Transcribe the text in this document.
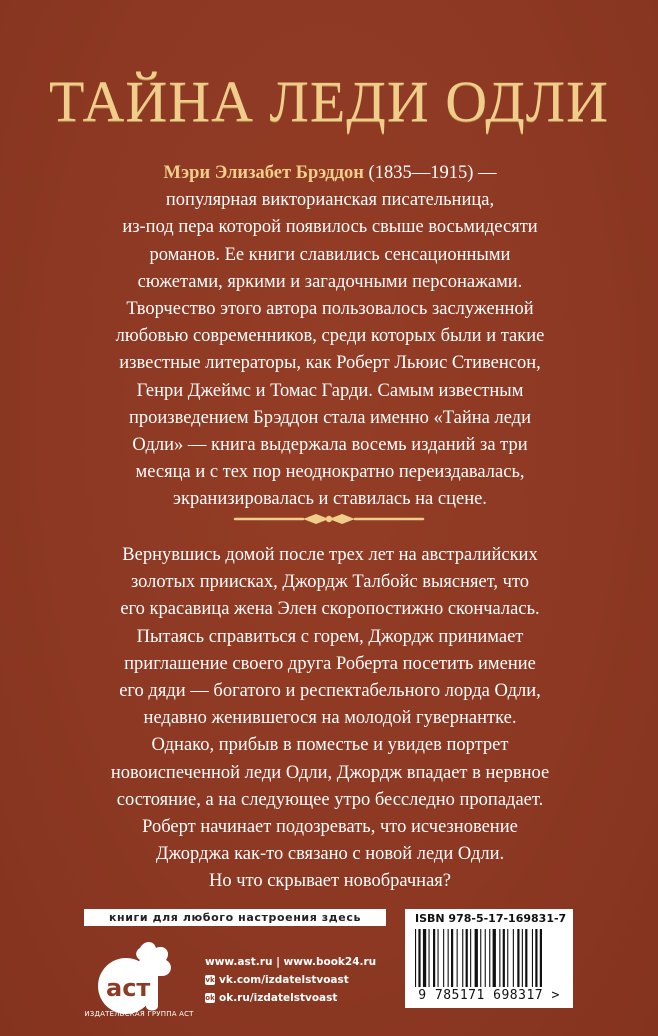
ТАЙНА ЛЕДИ ОДЛИ
Мэри Элизабет Брэддон (1835—1915) —
популярная викторианская писательница,
из-под пера которой появилось свыше восьмидесяти
романов. Ее книги славились сенсационными
сюжетами, яркими и загадочными персонажами.
Творчество этого автора пользовалось заслуженной
любовью современников, среди которых были и такие
известные литераторы, как Роберт Льюис Стивенсон,
Генри Джеймс и Томас Гарди. Самым известным
произведением Брэддон стала именно «Тайна леди
Одли» — книга выдержала восемь изданий за три
месяца и с тех пор неоднократно переиздавалась,
экранизировалась и ставилась на сцене.
Вернувшись домой после трех лет на австралийских
золотых приисках, Джордж Талбойс выясняет, что
его красавица жена Элен скоропостижно скончалась.
Пытаясь справиться с горем, Джордж принимает
приглашение своего друга Роберта посетить имение
его дяди — богатого и респектабельного лорда Одли,
недавно женившегося на молодой гувернантке.
Однако, прибыв в поместье и увидев портрет
новоиспеченной леди Одли, Джордж впадает в нервное
состояние, а на следующее утро бесследно пропадает.
Роберт начинает подозревать, что исчезновение
Джорджа как-то связано с новой леди Одли.
Но что скрывает новобрачная?
книги для любого настроения здесь
аст
ИЗДАТЕЛЬСКАЯ ГРУППА АСТ
www.ast.ru | www.book24.ru
vk vk.com/izdatelstvoast
ok ok.ru/izdatelstvoast
ISBN 978-5-17-169831-7
9 785171 698317 >
